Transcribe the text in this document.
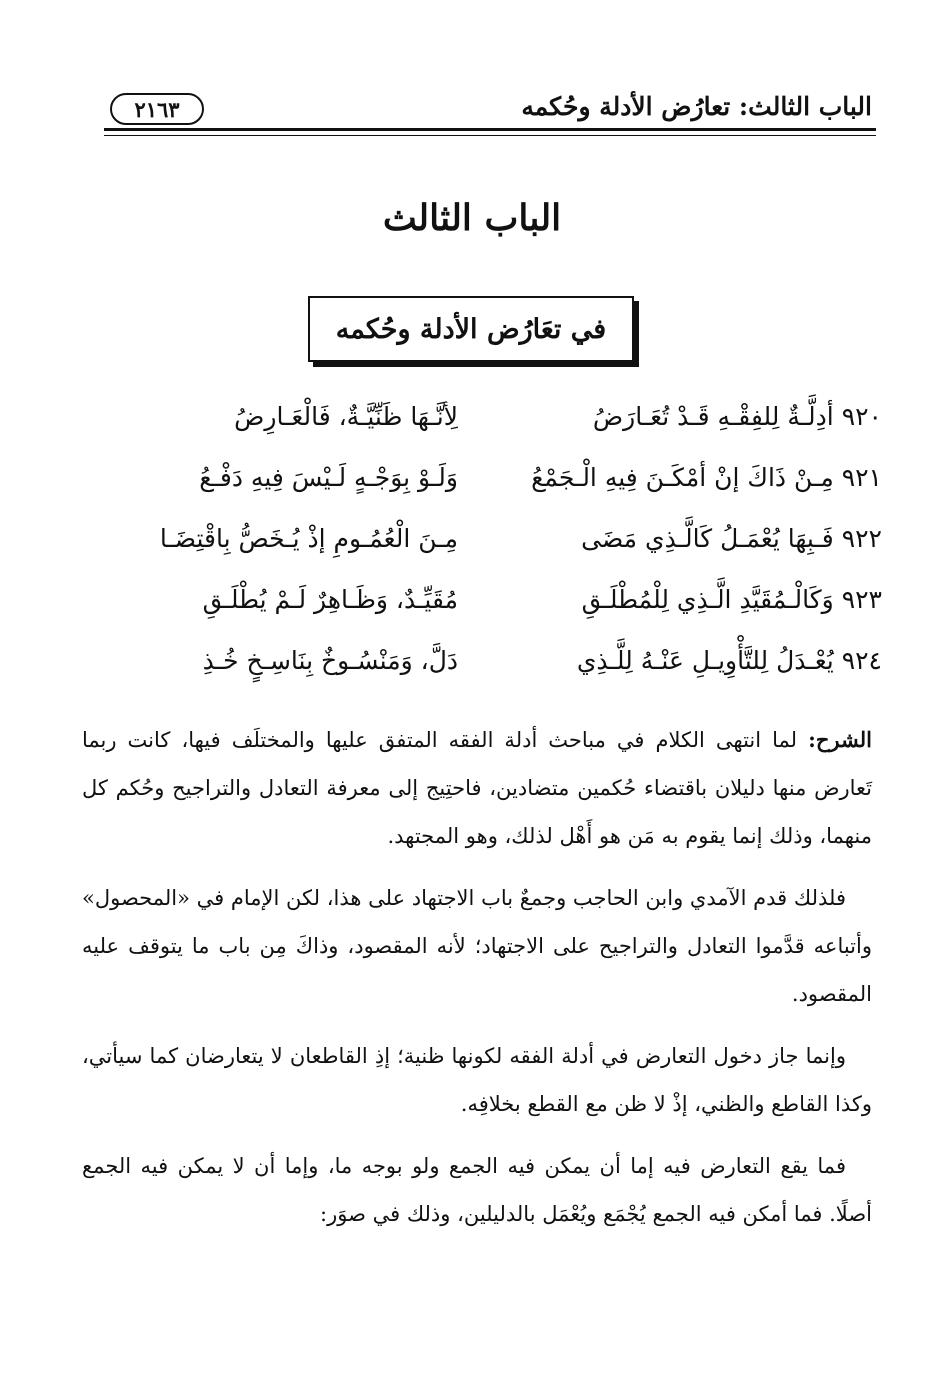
الباب الثالث: تعارُض الأدلة وحُكمه
٢١٦٣
الباب الثالث
في تعَارُض الأدلة وحُكمه
٩٢٠ أدِلَّـةٌ لِلفِقْـهِ قَـدْ تُعَـارَضُ
لِأنَّـهَا ظَنِّيَّـةٌ، فَالْعَـارِضُ
٩٢١ مِـنْ ذَاكَ إنْ أمْكَـنَ فِيهِ الْـجَمْعُ
وَلَـوْ بِوَجْـهٍ لَـيْسَ فِيهِ دَفْـعُ
٩٢٢ فَـبِهَا يُعْمَـلُ كَالَّـذِي مَضَى
مِـنَ الْعُمُـومِ إذْ يُـخَصُّ بِاقْتِضَـا
٩٢٣ وَكَالْـمُقَيَّدِ الَّـذِي لِلْمُطْلَـقِ
مُقَيِّـدٌ، وَظَـاهِرٌ لَـمْ يُطْلَـقِ
٩٢٤ يُعْـدَلُ لِلتَّأْوِيـلِ عَنْـهُ لِلَّـذِي
دَلَّ، وَمَنْسُـوخٌ بِنَاسِـخٍ خُـذِ

الشرح: لما انتهى الكلام في مباحث أدلة الفقه المتفق عليها والمختلَف فيها، كانت ربما تَعارض منها دليلان باقتضاء حُكمين متضادين، فاحتِيج إلى معرفة التعادل والتراجيح وحُكم كل منهما، وذلك إنما يقوم به مَن هو أَهْل لذلك، وهو المجتهد.

فلذلك قدم الآمدي وابن الحاجب وجمعٌ باب الاجتهاد على هذا، لكن الإمام في «المحصول» وأتباعه قدَّموا التعادل والتراجيح على الاجتهاد؛ لأنه المقصود، وذاكَ مِن باب ما يتوقف عليه المقصود.

وإنما جاز دخول التعارض في أدلة الفقه لكونها ظنية؛ إذِ القاطعان لا يتعارضان كما سيأتي، وكذا القاطع والظني، إذْ لا ظن مع القطع بخلافِه.

فما يقع التعارض فيه إما أن يمكن فيه الجمع ولو بوجه ما، وإما أن لا يمكن فيه الجمع أصلًا. فما أمكن فيه الجمع يُجْمَع ويُعْمَل بالدليلين، وذلك في صوَر:
